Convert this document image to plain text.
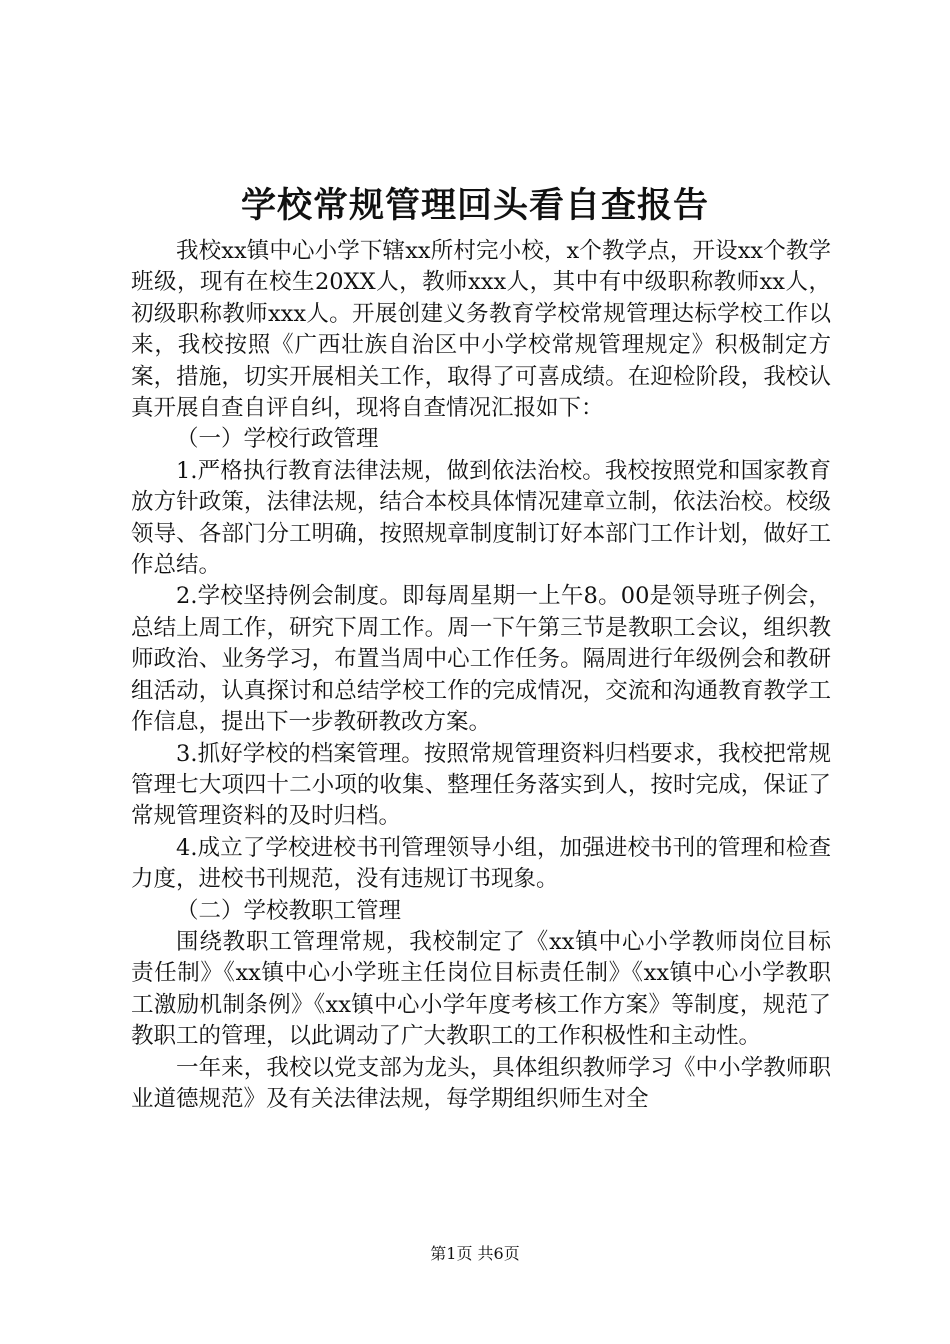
学校常规管理回头看自查报告

我校xx镇中心小学下辖xx所村完小校，x个教学点，开设xx个教学班级，现有在校生20XX人，教师xxx人，其中有中级职称教师xx人，初级职称教师xxx人。开展创建义务教育学校常规管理达标学校工作以来，我校按照《广西壮族自治区中小学校常规管理规定》积极制定方案，措施，切实开展相关工作，取得了可喜成绩。在迎检阶段，我校认真开展自查自评自纠，现将自查情况汇报如下：

（一）学校行政管理

1.严格执行教育法律法规，做到依法治校。我校按照党和国家教育放方针政策，法律法规，结合本校具体情况建章立制，依法治校。校级领导、各部门分工明确，按照规章制度制订好本部门工作计划，做好工作总结。

2.学校坚持例会制度。即每周星期一上午8。00是领导班子例会，总结上周工作，研究下周工作。周一下午第三节是教职工会议，组织教师政治、业务学习，布置当周中心工作任务。隔周进行年级例会和教研组活动，认真探讨和总结学校工作的完成情况，交流和沟通教育教学工作信息，提出下一步教研教改方案。

3.抓好学校的档案管理。按照常规管理资料归档要求，我校把常规管理七大项四十二小项的收集、整理任务落实到人，按时完成，保证了常规管理资料的及时归档。

4.成立了学校进校书刊管理领导小组，加强进校书刊的管理和检查力度，进校书刊规范，没有违规订书现象。

（二）学校教职工管理

围绕教职工管理常规，我校制定了《xx镇中心小学教师岗位目标责任制》《xx镇中心小学班主任岗位目标责任制》《xx镇中心小学教职工激励机制条例》《xx镇中心小学年度考核工作方案》等制度，规范了教职工的管理，以此调动了广大教职工的工作积极性和主动性。

一年来，我校以党支部为龙头，具体组织教师学习《中小学教师职业道德规范》及有关法律法规，每学期组织师生对全

第1页 共6页
